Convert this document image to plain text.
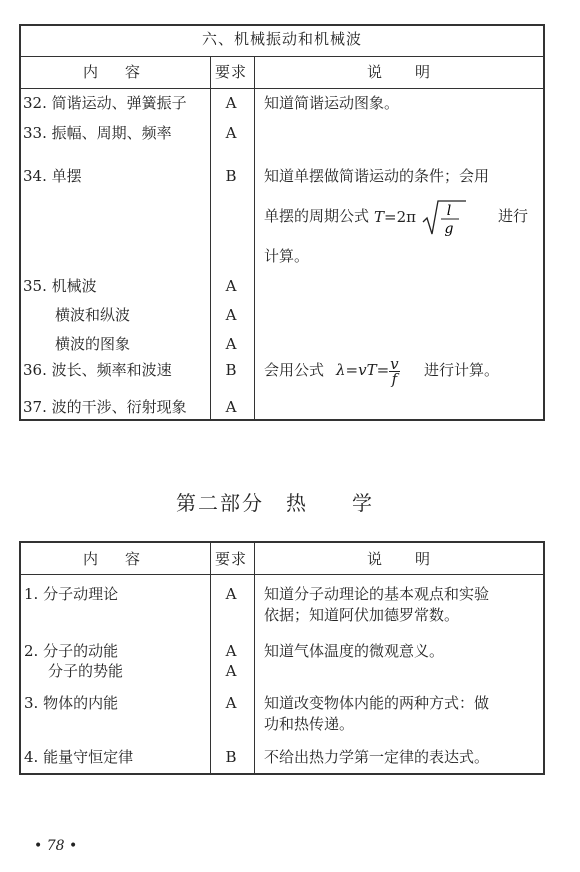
六、机械振动和机械波
内　容	要求	说　　明
32. 简谐运动、弹簧振子	A	知道简谐运动图象。
33. 振幅、周期、频率	A
34. 单摆	B	知道单摆做简谐运动的条件；会用
单摆的周期公式 T=2π l
g
进行
计算。
35. 机械波	A
横波和纵波	A
横波的图象	A
36. 波长、频率和波速	B	会用公式 $\lambda=vT= \frac{v}{f}$ 进行计算。
37. 波的干涉、衍射现象	A
第二部分　热　　学
内　容	要求	说　　明
1. 分子动理论	A	知道分子动理论的基本观点和实验
依据；知道阿伏加德罗常数。
2. 分子的动能	A	知道气体温度的微观意义。
分子的势能	A
3. 物体的内能	A	知道改变物体内能的两种方式：做
功和热传递。
4. 能量守恒定律	B	不给出热力学第一定律的表达式。
• 78 •
